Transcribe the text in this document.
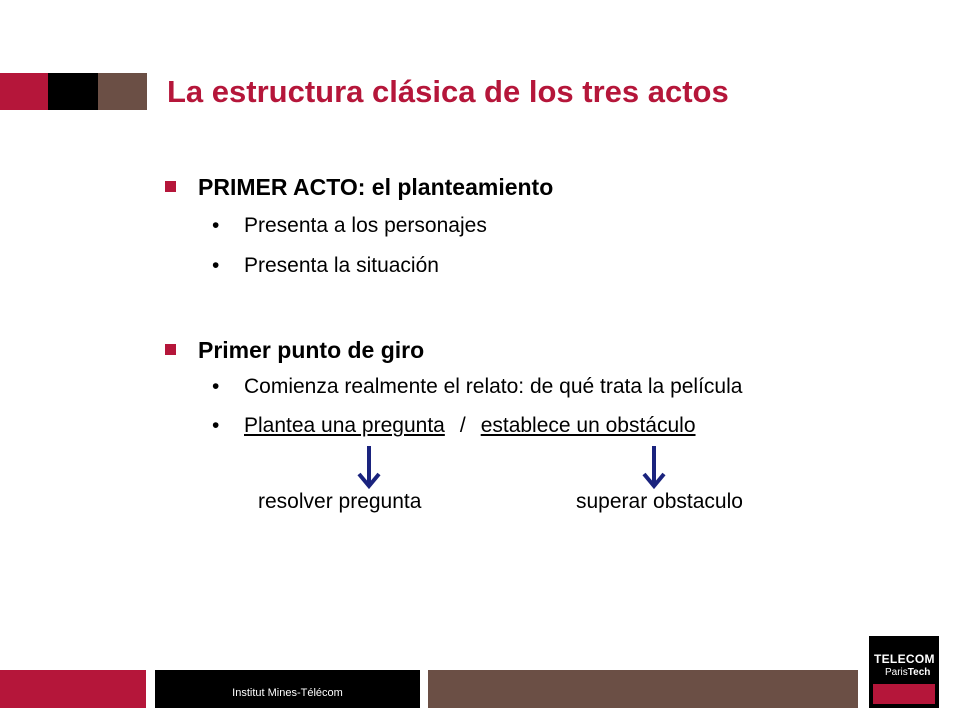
La estructura clásica de los tres actos
PRIMER ACTO: el planteamiento
• Presenta a los personajes
• Presenta la situación
Primer punto de giro
• Comienza realmente el relato: de qué trata la película
• Plantea una pregunta / establece un obstáculo
resolver pregunta	superar obstaculo
Institut Mines-Télécom
TELECOM
ParisTech
